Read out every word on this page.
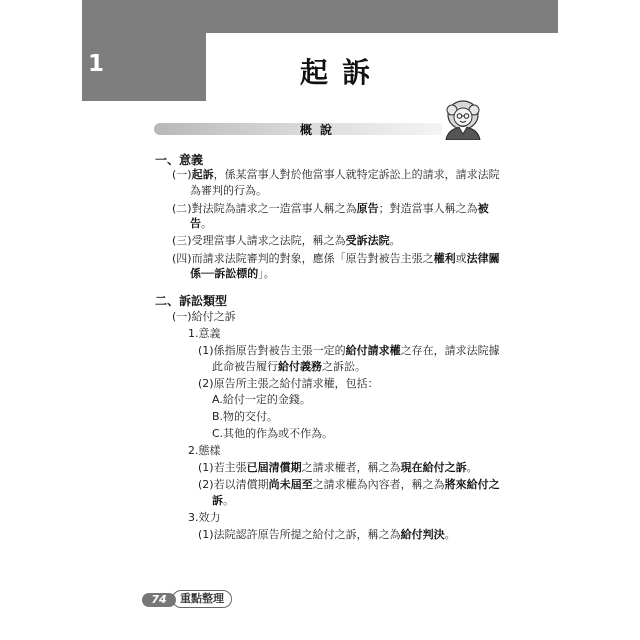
1	起訴
概說
一、意義
(一)起訴，係某當事人對於他當事人就特定訴訟上的請求，請求法院
為審判的行為。
(二)對法院為請求之一造當事人稱之為原告；對造當事人稱之為被
告。
(三)受理當事人請求之法院，稱之為受訴法院。
(四)而請求法院審判的對象，應係「原告對被告主張之權利或法律關
係──訴訟標的」。
二、訴訟類型
(一)給付之訴
1.意義
(1)係指原告對被告主張一定的給付請求權之存在，請求法院據
此命被告履行給付義務之訴訟。
(2)原告所主張之給付請求權，包括：
A.給付一定的金錢。
B.物的交付。
C.其他的作為或不作為。
2.態樣
(1)若主張已屆清償期之請求權者，稱之為現在給付之訴。
(2)若以清償期尚未屆至之請求權為內容者，稱之為將來給付之
訴。
3.效力
(1)法院認許原告所提之給付之訴，稱之為給付判決。
重點整理
74
